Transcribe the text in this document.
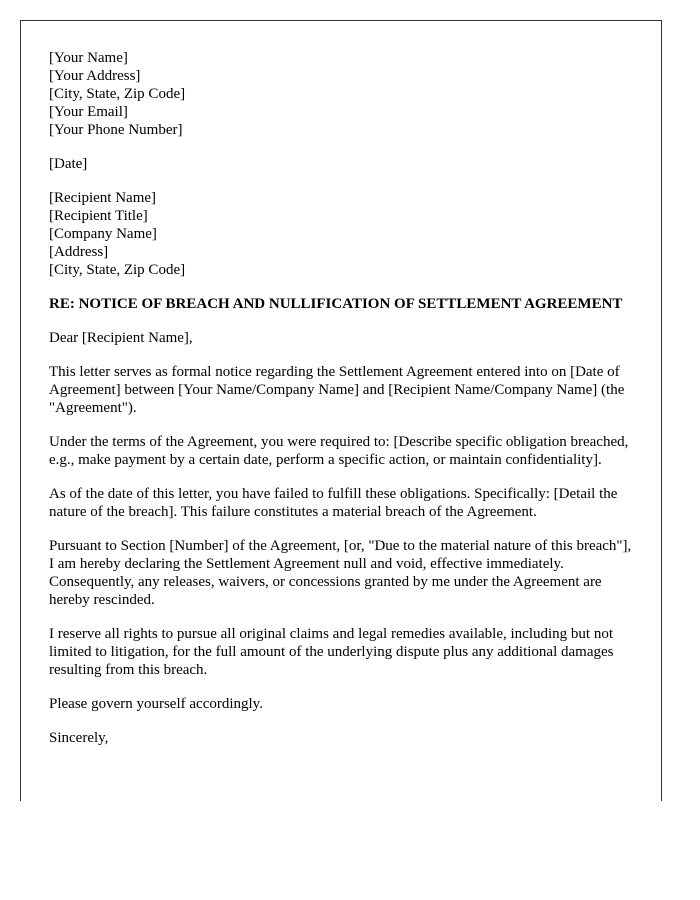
[Your Name]
[Your Address]
[City, State, Zip Code]
[Your Email]
[Your Phone Number]

[Date]

[Recipient Name]
[Recipient Title]
[Company Name]
[Address]
[City, State, Zip Code]

RE: NOTICE OF BREACH AND NULLIFICATION OF SETTLEMENT AGREEMENT

Dear [Recipient Name],

This letter serves as formal notice regarding the Settlement Agreement entered into on [Date of Agreement] between [Your Name/Company Name] and [Recipient Name/Company Name] (the "Agreement").

Under the terms of the Agreement, you were required to: [Describe specific obligation breached, e.g., make payment by a certain date, perform a specific action, or maintain confidentiality].

As of the date of this letter, you have failed to fulfill these obligations. Specifically: [Detail the nature of the breach]. This failure constitutes a material breach of the Agreement.

Pursuant to Section [Number] of the Agreement, [or, "Due to the material nature of this breach"], I am hereby declaring the Settlement Agreement null and void, effective immediately. Consequently, any releases, waivers, or concessions granted by me under the Agreement are hereby rescinded.

I reserve all rights to pursue all original claims and legal remedies available, including but not limited to litigation, for the full amount of the underlying dispute plus any additional damages resulting from this breach.

Please govern yourself accordingly.

Sincerely,
